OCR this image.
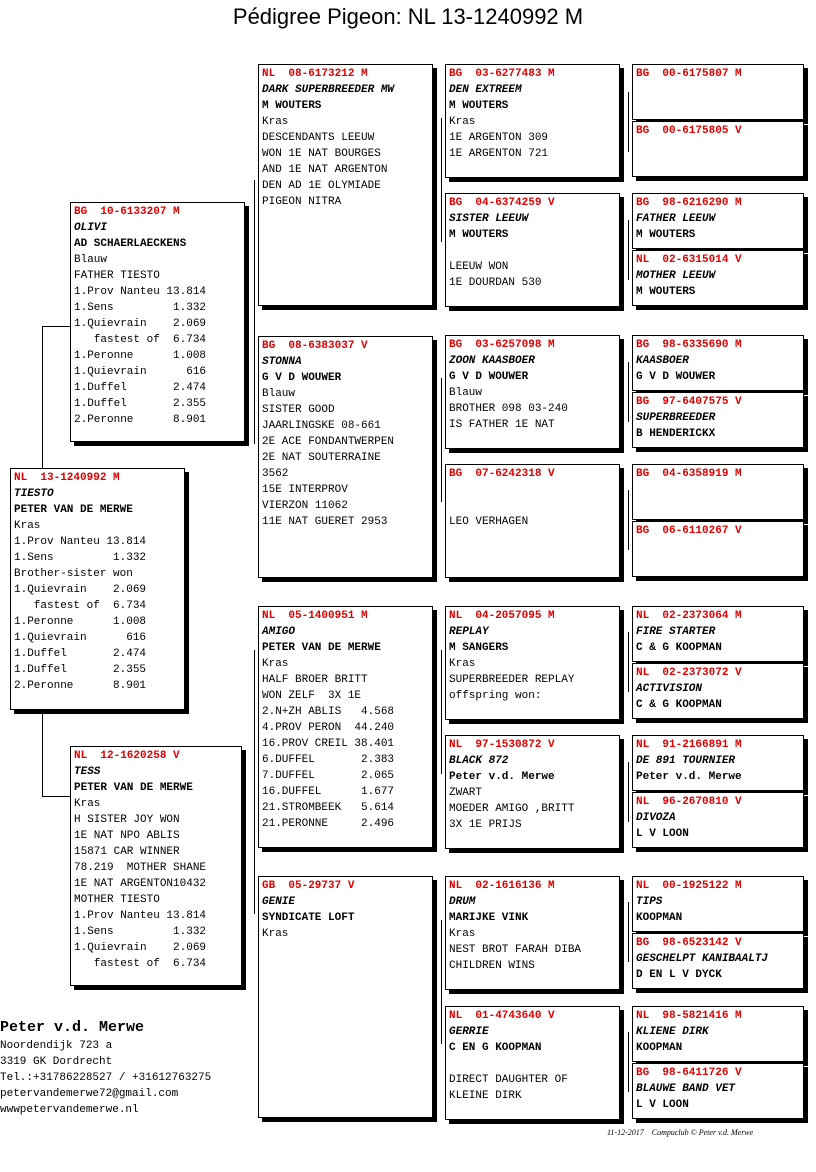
Pédigree Pigeon: NL 13-1240992 M
NL  13-1240992 M
TIESTO
PETER VAN DE MERWE
Kras
1.Prov Nanteu 13.814
1.Sens         1.332
Brother-sister won
1.Quievrain    2.069
fastest of  6.734
1.Peronne      1.008
1.Quievrain      616
1.Duffel       2.474
1.Duffel       2.355
2.Peronne      8.901
BG  10-6133207 M
OLIVI
AD SCHAERLAECKENS
Blauw
FATHER TIESTO
1.Prov Nanteu 13.814
1.Sens         1.332
1.Quievrain    2.069
fastest of  6.734
1.Peronne      1.008
1.Quievrain      616
1.Duffel       2.474
1.Duffel       2.355
2.Peronne      8.901
NL  12-1620258 V
TESS
PETER VAN DE MERWE
Kras
H SISTER JOY WON
1E NAT NPO ABLIS
15871 CAR WINNER
78.219  MOTHER SHANE
1E NAT ARGENTON10432
MOTHER TIESTO
1.Prov Nanteu 13.814
1.Sens         1.332
1.Quievrain    2.069
fastest of  6.734
NL  08-6173212 M
DARK SUPERBREEDER MW
M WOUTERS
Kras
DESCENDANTS LEEUW
WON 1E NAT BOURGES
AND 1E NAT ARGENTON
DEN AD 1E OLYMIADE
PIGEON NITRA
BG  08-6383037 V
STONNA
G V D WOUWER
Blauw
SISTER GOOD
JAARLINGSKE 08-661
2E ACE FONDANTWERPEN
2E NAT SOUTERRAINE
3562
15E INTERPROV
VIERZON 11062
11E NAT GUERET 2953
NL  05-1400951 M
AMIGO
PETER VAN DE MERWE
Kras
HALF BROER BRITT
WON ZELF  3X 1E
2.N+ZH ABLIS   4.568
4.PROV PERON  44.240
16.PROV CREIL 38.401
6.DUFFEL       2.383
7.DUFFEL       2.065
16.DUFFEL      1.677
21.STROMBEEK   5.614
21.PERONNE     2.496
GB  05-29737 V
GENIE
SYNDICATE LOFT
Kras
BG  03-6277483 M
DEN EXTREEM
M WOUTERS
Kras
1E ARGENTON 309
1E ARGENTON 721
BG  04-6374259 V
SISTER LEEUW
M WOUTERS
LEEUW WON
1E DOURDAN 530
BG  03-6257098 M
ZOON KAASBOER
G V D WOUWER
Blauw
BROTHER 098 03-240
IS FATHER 1E NAT
BG  07-6242318 V
LEO VERHAGEN
NL  04-2057095 M
REPLAY
M SANGERS
Kras
SUPERBREEDER REPLAY
offspring won:
NL  97-1530872 V
BLACK 872
Peter v.d. Merwe
ZWART
MOEDER AMIGO ,BRITT
3X 1E PRIJS
NL  02-1616136 M
DRUM
MARIJKE VINK
Kras
NEST BROT FARAH DIBA
CHILDREN WINS
NL  01-4743640 V
GERRIE
C EN G KOOPMAN
DIRECT DAUGHTER OF
KLEINE DIRK
BG  00-6175807 M
BG  00-6175805 V
BG  98-6216290 M
FATHER LEEUW
M WOUTERS
NL  02-6315014 V
MOTHER LEEUW
M WOUTERS
BG  98-6335690 M
KAASBOER
G V D WOUWER
BG  97-6407575 V
SUPERBREEDER
B HENDERICKX
BG  04-6358919 M
BG  06-6110267 V
NL  02-2373064 M
FIRE STARTER
C & G KOOPMAN
NL  02-2373072 V
ACTIVISION
C & G KOOPMAN
NL  91-2166891 M
DE 891 TOURNIER
Peter v.d. Merwe
NL  96-2670810 V
DIVOZA
L V LOON
NL  00-1925122 M
TIPS
KOOPMAN
BG  98-6523142 V
GESCHELPT KANIBAALTJ
D EN L V DYCK
NL  98-5821416 M
KLIENE DIRK
KOOPMAN
BG  98-6411726 V
BLAUWE BAND VET
L V LOON
Peter v.d. Merwe
Noordendijk 723 a
3319 GK Dordrecht
Tel.:+31786228527 / +31612763275
petervandemerwe72@gmail.com
wwwpetervandemerwe.nl
11-12-2017    Compuclub © Peter v.d. Merwe
